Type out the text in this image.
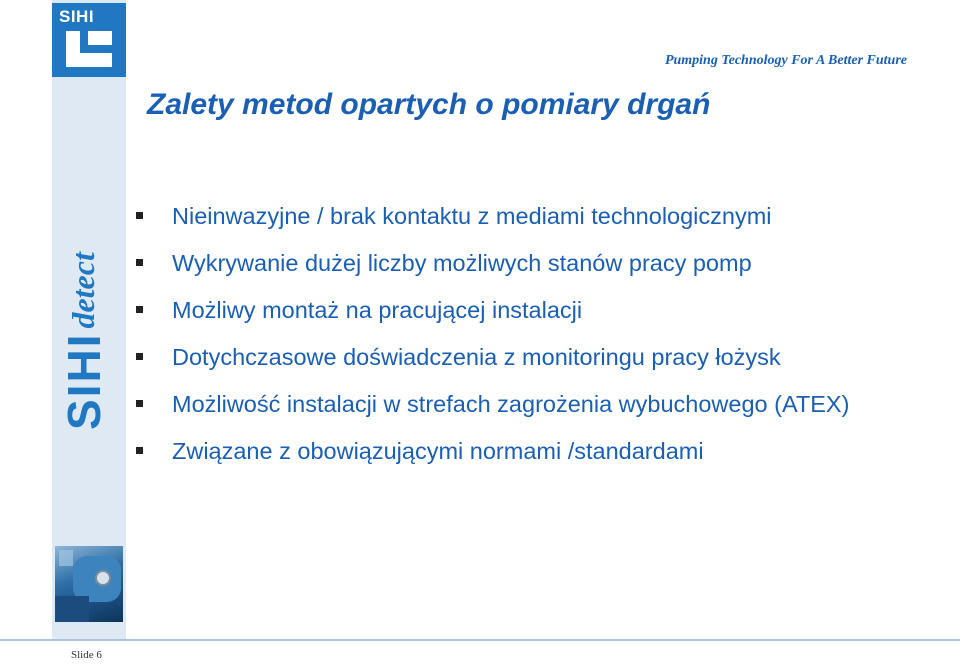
SIHI
Pumping Technology For A Better Future
Zalety metod opartych o pomiary drgań
SIHIdetect
Nieinwazyjne / brak kontaktu z mediami technologicznymi
Wykrywanie dużej liczby możliwych stanów pracy pomp
Możliwy montaż na pracującej instalacji
Dotychczasowe doświadczenia z monitoringu pracy łożysk
Możliwość instalacji w strefach zagrożenia wybuchowego (ATEX)
Związane z obowiązującymi normami /standardami
Slide 6
